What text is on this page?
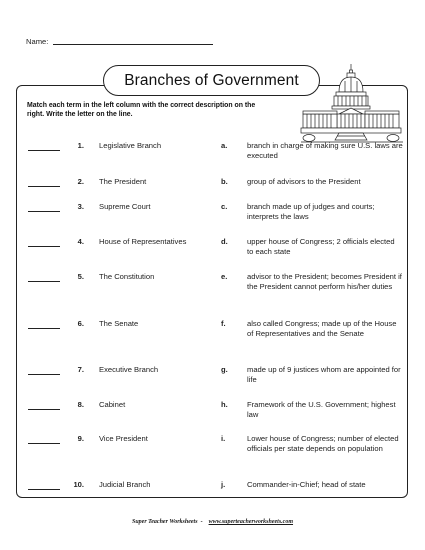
Name:
Branches of Government
Match each term in the left column with the correct description on the right. Write the letter on the line.
1. Legislative Branch	a.	branch in charge of making sure U.S. laws are executed
2. The President	b.	group of advisors to the President
3. Supreme Court	c.	branch made up of judges and courts; interprets the laws
4. House of Representatives	d.	upper house of Congress; 2 officials elected to each state
5. The Constitution	e.	advisor to the President; becomes President if the President cannot perform his/her duties
6. The Senate	f.	also called Congress; made up of the House of Representatives and the Senate
7. Executive Branch	g.	made up of 9 justices whom are appointed for life
8. Cabinet	h.	Framework of the U.S. Government; highest law
9. Vice President	i.	Lower house of Congress; number of elected officials per state depends on population
10. Judicial Branch	j.	Commander-in-Chief; head of state
Super Teacher Worksheets - www.superteacherworksheets.com
